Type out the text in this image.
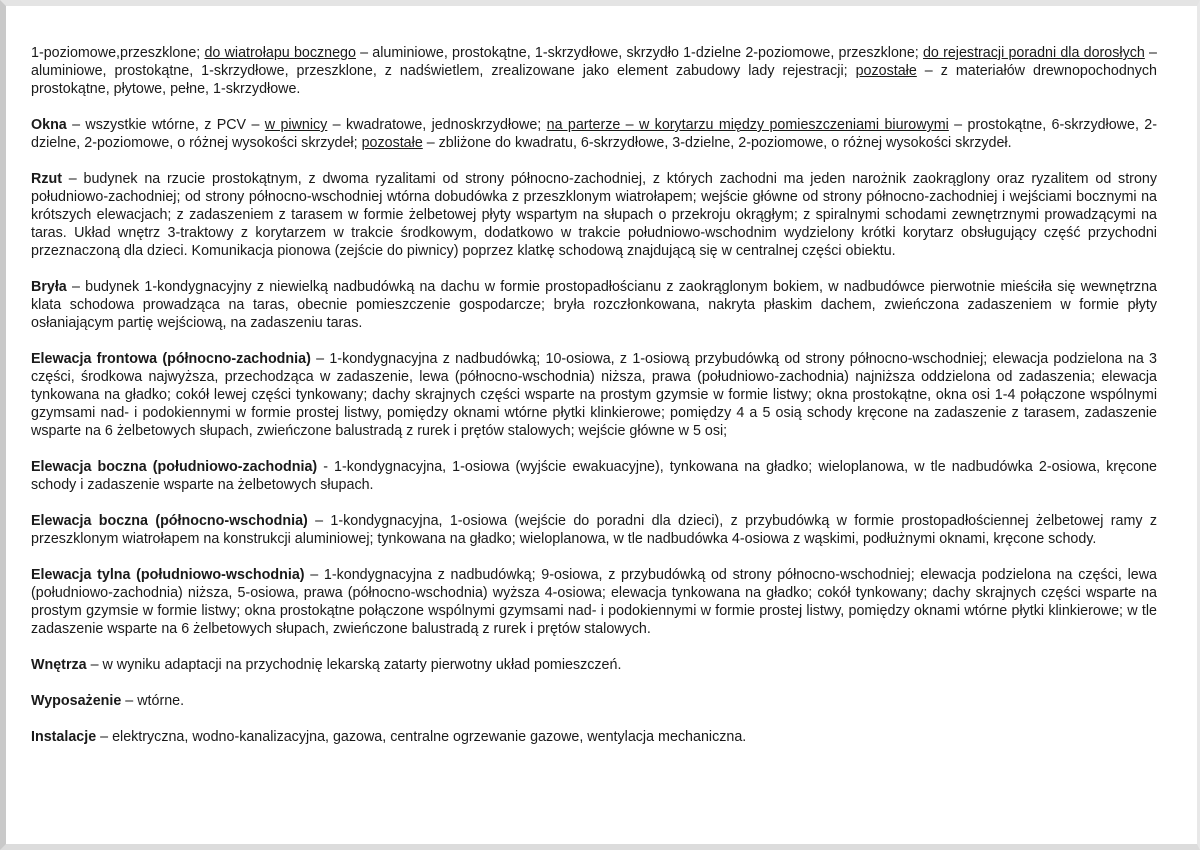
1-poziomowe,przeszklone; do wiatrołapu bocznego – aluminiowe, prostokątne, 1-skrzydłowe, skrzydło 1-dzielne 2-poziomowe, przeszklone; do rejestracji poradni dla dorosłych – aluminiowe, prostokątne, 1-skrzydłowe, przeszklone, z nadświetlem, zrealizowane jako element zabudowy lady rejestracji; pozostałe – z materiałów drewnopochodnych prostokątne, płytowe, pełne, 1-skrzydłowe.

Okna – wszystkie wtórne, z PCV – w piwnicy – kwadratowe, jednoskrzydłowe; na parterze – w korytarzu między pomieszczeniami biurowymi – prostokątne, 6-skrzydłowe, 2-dzielne, 2-poziomowe, o różnej wysokości skrzydeł; pozostałe – zbliżone do kwadratu, 6-skrzydłowe, 3-dzielne, 2-poziomowe, o różnej wysokości skrzydeł.

Rzut – budynek na rzucie prostokątnym, z dwoma ryzalitami od strony północno-zachodniej, z których zachodni ma jeden narożnik zaokrąglony oraz ryzalitem od strony południowo-zachodniej; od strony północno-wschodniej wtórna dobudówka z przeszklonym wiatrołapem; wejście główne od strony północno-zachodniej i wejściami bocznymi na krótszych elewacjach; z zadaszeniem z tarasem w formie żelbetowej płyty wspartym na słupach o przekroju okrągłym; z spiralnymi schodami zewnętrznymi prowadzącymi na taras. Układ wnętrz 3-traktowy z korytarzem w trakcie środkowym, dodatkowo w trakcie południowo-wschodnim wydzielony krótki korytarz obsługujący część przychodni przeznaczoną dla dzieci. Komunikacja pionowa (zejście do piwnicy) poprzez klatkę schodową znajdującą się w centralnej części obiektu.

Bryła – budynek 1-kondygnacyjny z niewielką nadbudówką na dachu w formie prostopadłościanu z zaokrąglonym bokiem, w nadbudówce pierwotnie mieściła się wewnętrzna klata schodowa prowadząca na taras, obecnie pomieszczenie gospodarcze; bryła rozczłonkowana, nakryta płaskim dachem, zwieńczona zadaszeniem w formie płyty osłaniającym partię wejściową, na zadaszeniu taras.

Elewacja frontowa (północno-zachodnia) – 1-kondygnacyjna z nadbudówką; 10-osiowa, z 1-osiową przybudówką od strony północno-wschodniej; elewacja podzielona na 3 części, środkowa najwyższa, przechodząca w zadaszenie, lewa (północno-wschodnia) niższa, prawa (południowo-zachodnia) najniższa oddzielona od zadaszenia; elewacja tynkowana na gładko; cokół lewej części tynkowany; dachy skrajnych części wsparte na prostym gzymsie w formie listwy; okna prostokątne, okna osi 1-4 połączone wspólnymi gzymsami nad- i podokiennymi w formie prostej listwy, pomiędzy oknami wtórne płytki klinkierowe; pomiędzy 4 a 5 osią schody kręcone na zadaszenie z tarasem, zadaszenie wsparte na 6 żelbetowych słupach, zwieńczone balustradą z rurek i prętów stalowych; wejście główne w 5 osi;

Elewacja boczna (południowo-zachodnia) - 1-kondygnacyjna, 1-osiowa (wyjście ewakuacyjne), tynkowana na gładko; wieloplanowa, w tle nadbudówka 2-osiowa, kręcone schody i zadaszenie wsparte na żelbetowych słupach.

Elewacja boczna (północno-wschodnia) – 1-kondygnacyjna, 1-osiowa (wejście do poradni dla dzieci), z przybudówką w formie prostopadłościennej żelbetowej ramy z przeszklonym wiatrołapem na konstrukcji aluminiowej; tynkowana na gładko; wieloplanowa, w tle nadbudówka 4-osiowa z wąskimi, podłużnymi oknami, kręcone schody.

Elewacja tylna (południowo-wschodnia) – 1-kondygnacyjna z nadbudówką; 9-osiowa, z przybudówką od strony północno-wschodniej; elewacja podzielona na części, lewa (południowo-zachodnia) niższa, 5-osiowa, prawa (północno-wschodnia) wyższa 4-osiowa; elewacja tynkowana na gładko; cokół tynkowany; dachy skrajnych części wsparte na prostym gzymsie w formie listwy; okna prostokątne połączone wspólnymi gzymsami nad- i podokiennymi w formie prostej listwy, pomiędzy oknami wtórne płytki klinkierowe; w tle zadaszenie wsparte na 6 żelbetowych słupach, zwieńczone balustradą z rurek i prętów stalowych.

Wnętrza – w wyniku adaptacji na przychodnię lekarską zatarty pierwotny układ pomieszczeń.

Wyposażenie – wtórne.

Instalacje – elektryczna, wodno-kanalizacyjna, gazowa, centralne ogrzewanie gazowe, wentylacja mechaniczna.
